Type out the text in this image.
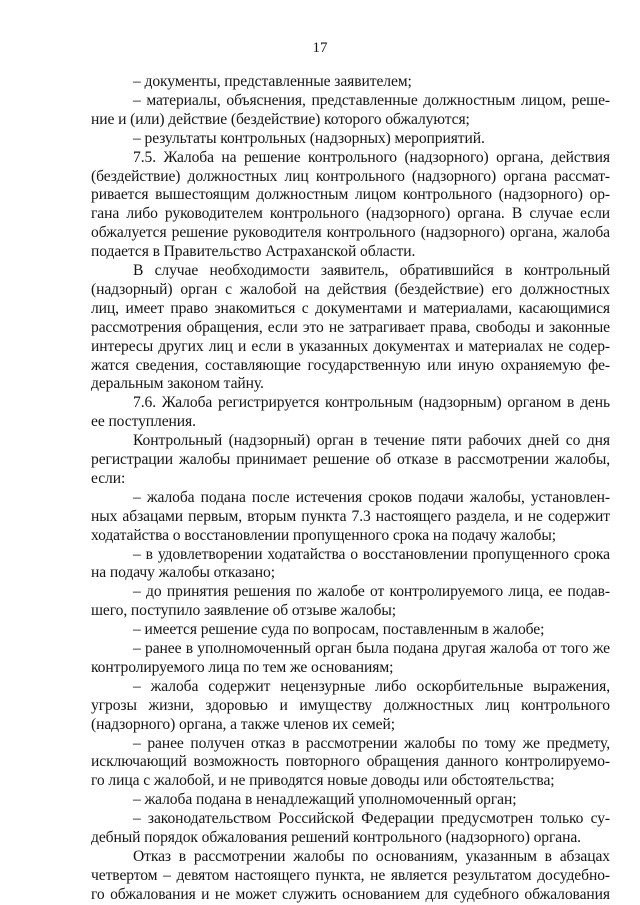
17
– документы, представленные заявителем;
– материалы, объяснения, представленные должностным лицом, реше-
ние и (или) действие (бездействие) которого обжалуются;
– результаты контрольных (надзорных) мероприятий.
7.5. Жалоба на решение контрольного (надзорного) органа, действия
(бездействие) должностных лиц контрольного (надзорного) органа рассмат-
ривается вышестоящим должностным лицом контрольного (надзорного) ор-
гана либо руководителем контрольного (надзорного) органа. В случае если
обжалуется решение руководителя контрольного (надзорного) органа, жалоба
подается в Правительство Астраханской области.
В случае необходимости заявитель, обратившийся в контрольный
(надзорный) орган с жалобой на действия (бездействие) его должностных
лиц, имеет право знакомиться с документами и материалами, касающимися
рассмотрения обращения, если это не затрагивает права, свободы и законные
интересы других лиц и если в указанных документах и материалах не содер-
жатся сведения, составляющие государственную или иную охраняемую фе-
деральным законом тайну.
7.6. Жалоба регистрируется контрольным (надзорным) органом в день
ее поступления.
Контрольный (надзорный) орган в течение пяти рабочих дней со дня
регистрации жалобы принимает решение об отказе в рассмотрении жалобы,
если:
– жалоба подана после истечения сроков подачи жалобы, установлен-
ных абзацами первым, вторым пункта 7.3 настоящего раздела, и не содержит
ходатайства о восстановлении пропущенного срока на подачу жалобы;
– в удовлетворении ходатайства о восстановлении пропущенного срока
на подачу жалобы отказано;
– до принятия решения по жалобе от контролируемого лица, ее подав-
шего, поступило заявление об отзыве жалобы;
– имеется решение суда по вопросам, поставленным в жалобе;
– ранее в уполномоченный орган была подана другая жалоба от того же
контролируемого лица по тем же основаниям;
– жалоба содержит нецензурные либо оскорбительные выражения,
угрозы жизни, здоровью и имуществу должностных лиц контрольного
(надзорного) органа, а также членов их семей;
– ранее получен отказ в рассмотрении жалобы по тому же предмету,
исключающий возможность повторного обращения данного контролируемо-
го лица с жалобой, и не приводятся новые доводы или обстоятельства;
– жалоба подана в ненадлежащий уполномоченный орган;
– законодательством Российской Федерации предусмотрен только су-
дебный порядок обжалования решений контрольного (надзорного) органа.
Отказ в рассмотрении жалобы по основаниям, указанным в абзацах
четвертом – девятом настоящего пункта, не является результатом досудебно-
го обжалования и не может служить основанием для судебного обжалования
